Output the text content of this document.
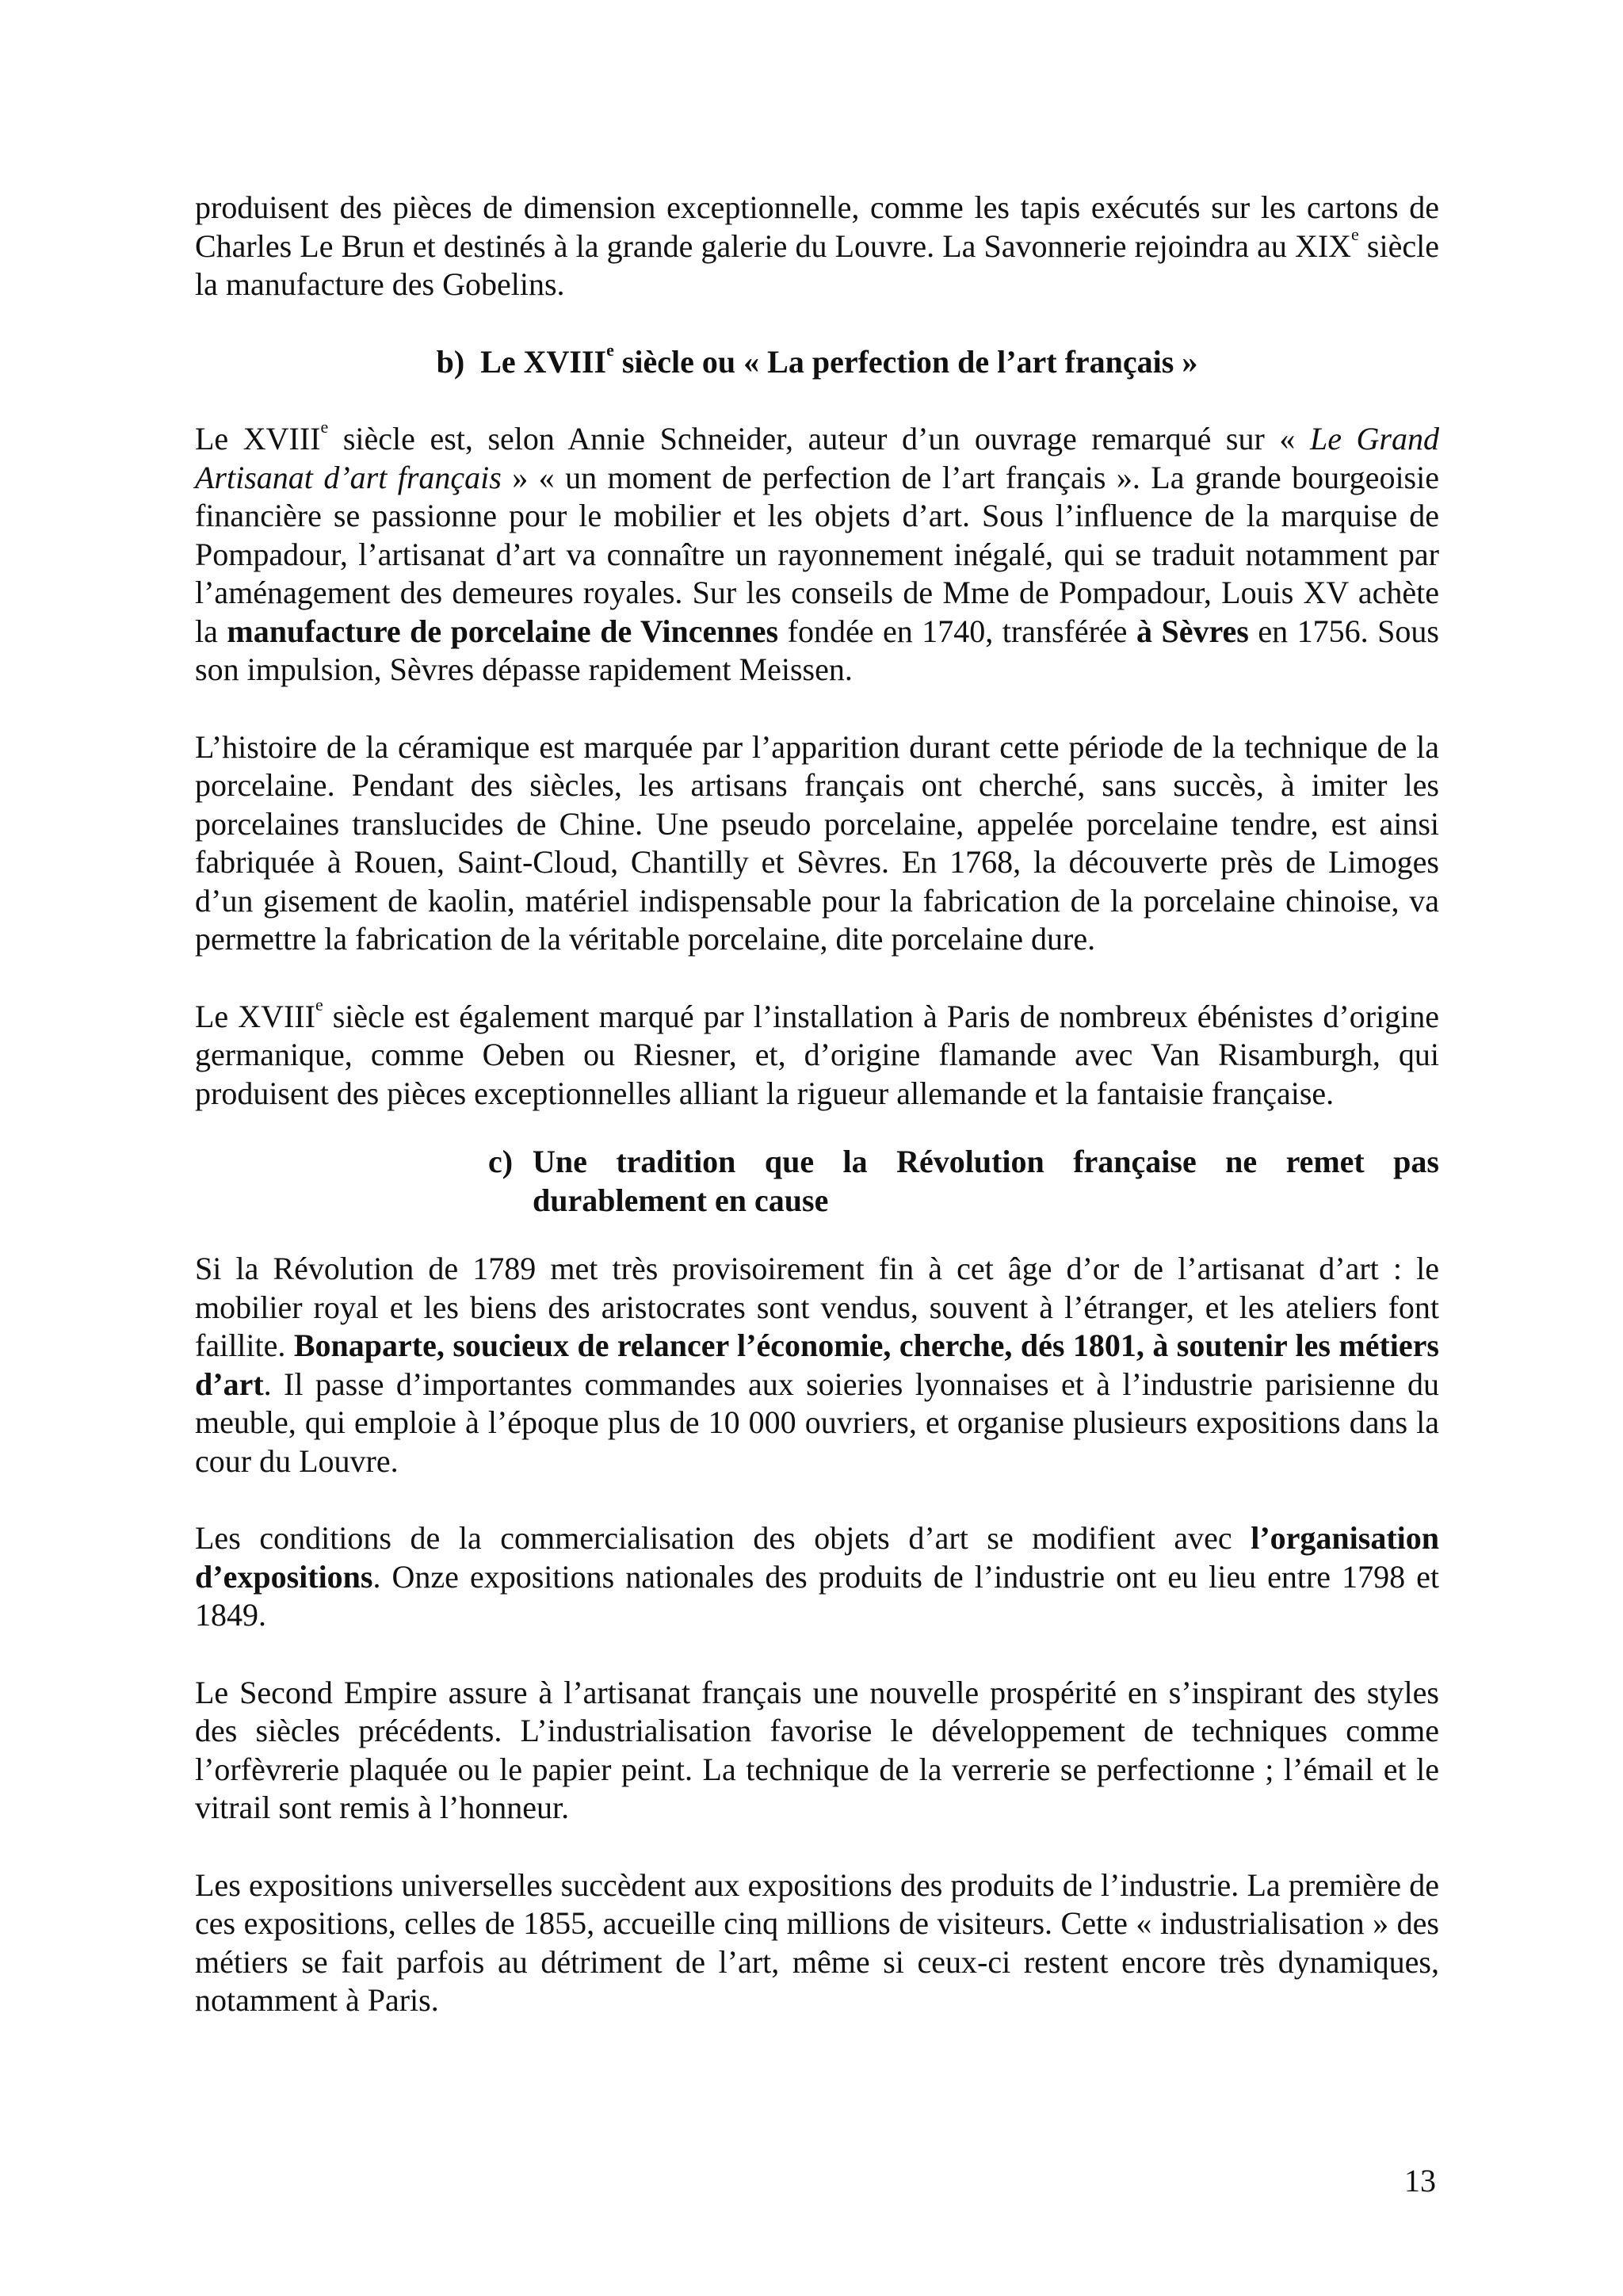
produisent des pièces de dimension exceptionnelle, comme les tapis exécutés sur les cartons de Charles Le Brun et destinés à la grande galerie du Louvre. La Savonnerie rejoindra au XIXe siècle la manufacture des Gobelins.

b) Le XVIIIe siècle ou « La perfection de l’art français »

Le XVIIIe siècle est, selon Annie Schneider, auteur d’un ouvrage remarqué sur « Le Grand Artisanat d’art français » « un moment de perfection de l’art français ». La grande bourgeoisie financière se passionne pour le mobilier et les objets d’art. Sous l’influence de la marquise de Pompadour, l’artisanat d’art va connaître un rayonnement inégalé, qui se traduit notamment par l’aménagement des demeures royales. Sur les conseils de Mme de Pompadour, Louis XV achète la manufacture de porcelaine de Vincennes fondée en 1740, transférée à Sèvres en 1756. Sous son impulsion, Sèvres dépasse rapidement Meissen.

L’histoire de la céramique est marquée par l’apparition durant cette période de la technique de la porcelaine. Pendant des siècles, les artisans français ont cherché, sans succès, à imiter les porcelaines translucides de Chine. Une pseudo porcelaine, appelée porcelaine tendre, est ainsi fabriquée à Rouen, Saint-Cloud, Chantilly et Sèvres. En 1768, la découverte près de Limoges d’un gisement de kaolin, matériel indispensable pour la fabrication de la porcelaine chinoise, va permettre la fabrication de la véritable porcelaine, dite porcelaine dure.

Le XVIIIe siècle est également marqué par l’installation à Paris de nombreux ébénistes d’origine germanique, comme Oeben ou Riesner, et, d’origine flamande avec Van Risamburgh, qui produisent des pièces exceptionnelles alliant la rigueur allemande et la fantaisie française.

c) Une tradition que la Révolution française ne remet pas durablement en cause

Si la Révolution de 1789 met très provisoirement fin à cet âge d’or de l’artisanat d’art : le mobilier royal et les biens des aristocrates sont vendus, souvent à l’étranger, et les ateliers font faillite. Bonaparte, soucieux de relancer l’économie, cherche, dés 1801, à soutenir les métiers d’art. Il passe d’importantes commandes aux soieries lyonnaises et à l’industrie parisienne du meuble, qui emploie à l’époque plus de 10 000 ouvriers, et organise plusieurs expositions dans la cour du Louvre.

Les conditions de la commercialisation des objets d’art se modifient avec l’organisation d’expositions. Onze expositions nationales des produits de l’industrie ont eu lieu entre 1798 et 1849.

Le Second Empire assure à l’artisanat français une nouvelle prospérité en s’inspirant des styles des siècles précédents. L’industrialisation favorise le développement de techniques comme l’orfèvrerie plaquée ou le papier peint. La technique de la verrerie se perfectionne ; l’émail et le vitrail sont remis à l’honneur.

Les expositions universelles succèdent aux expositions des produits de l’industrie. La première de ces expositions, celles de 1855, accueille cinq millions de visiteurs. Cette « industrialisation » des métiers se fait parfois au détriment de l’art, même si ceux-ci restent encore très dynamiques, notamment à Paris.

13
